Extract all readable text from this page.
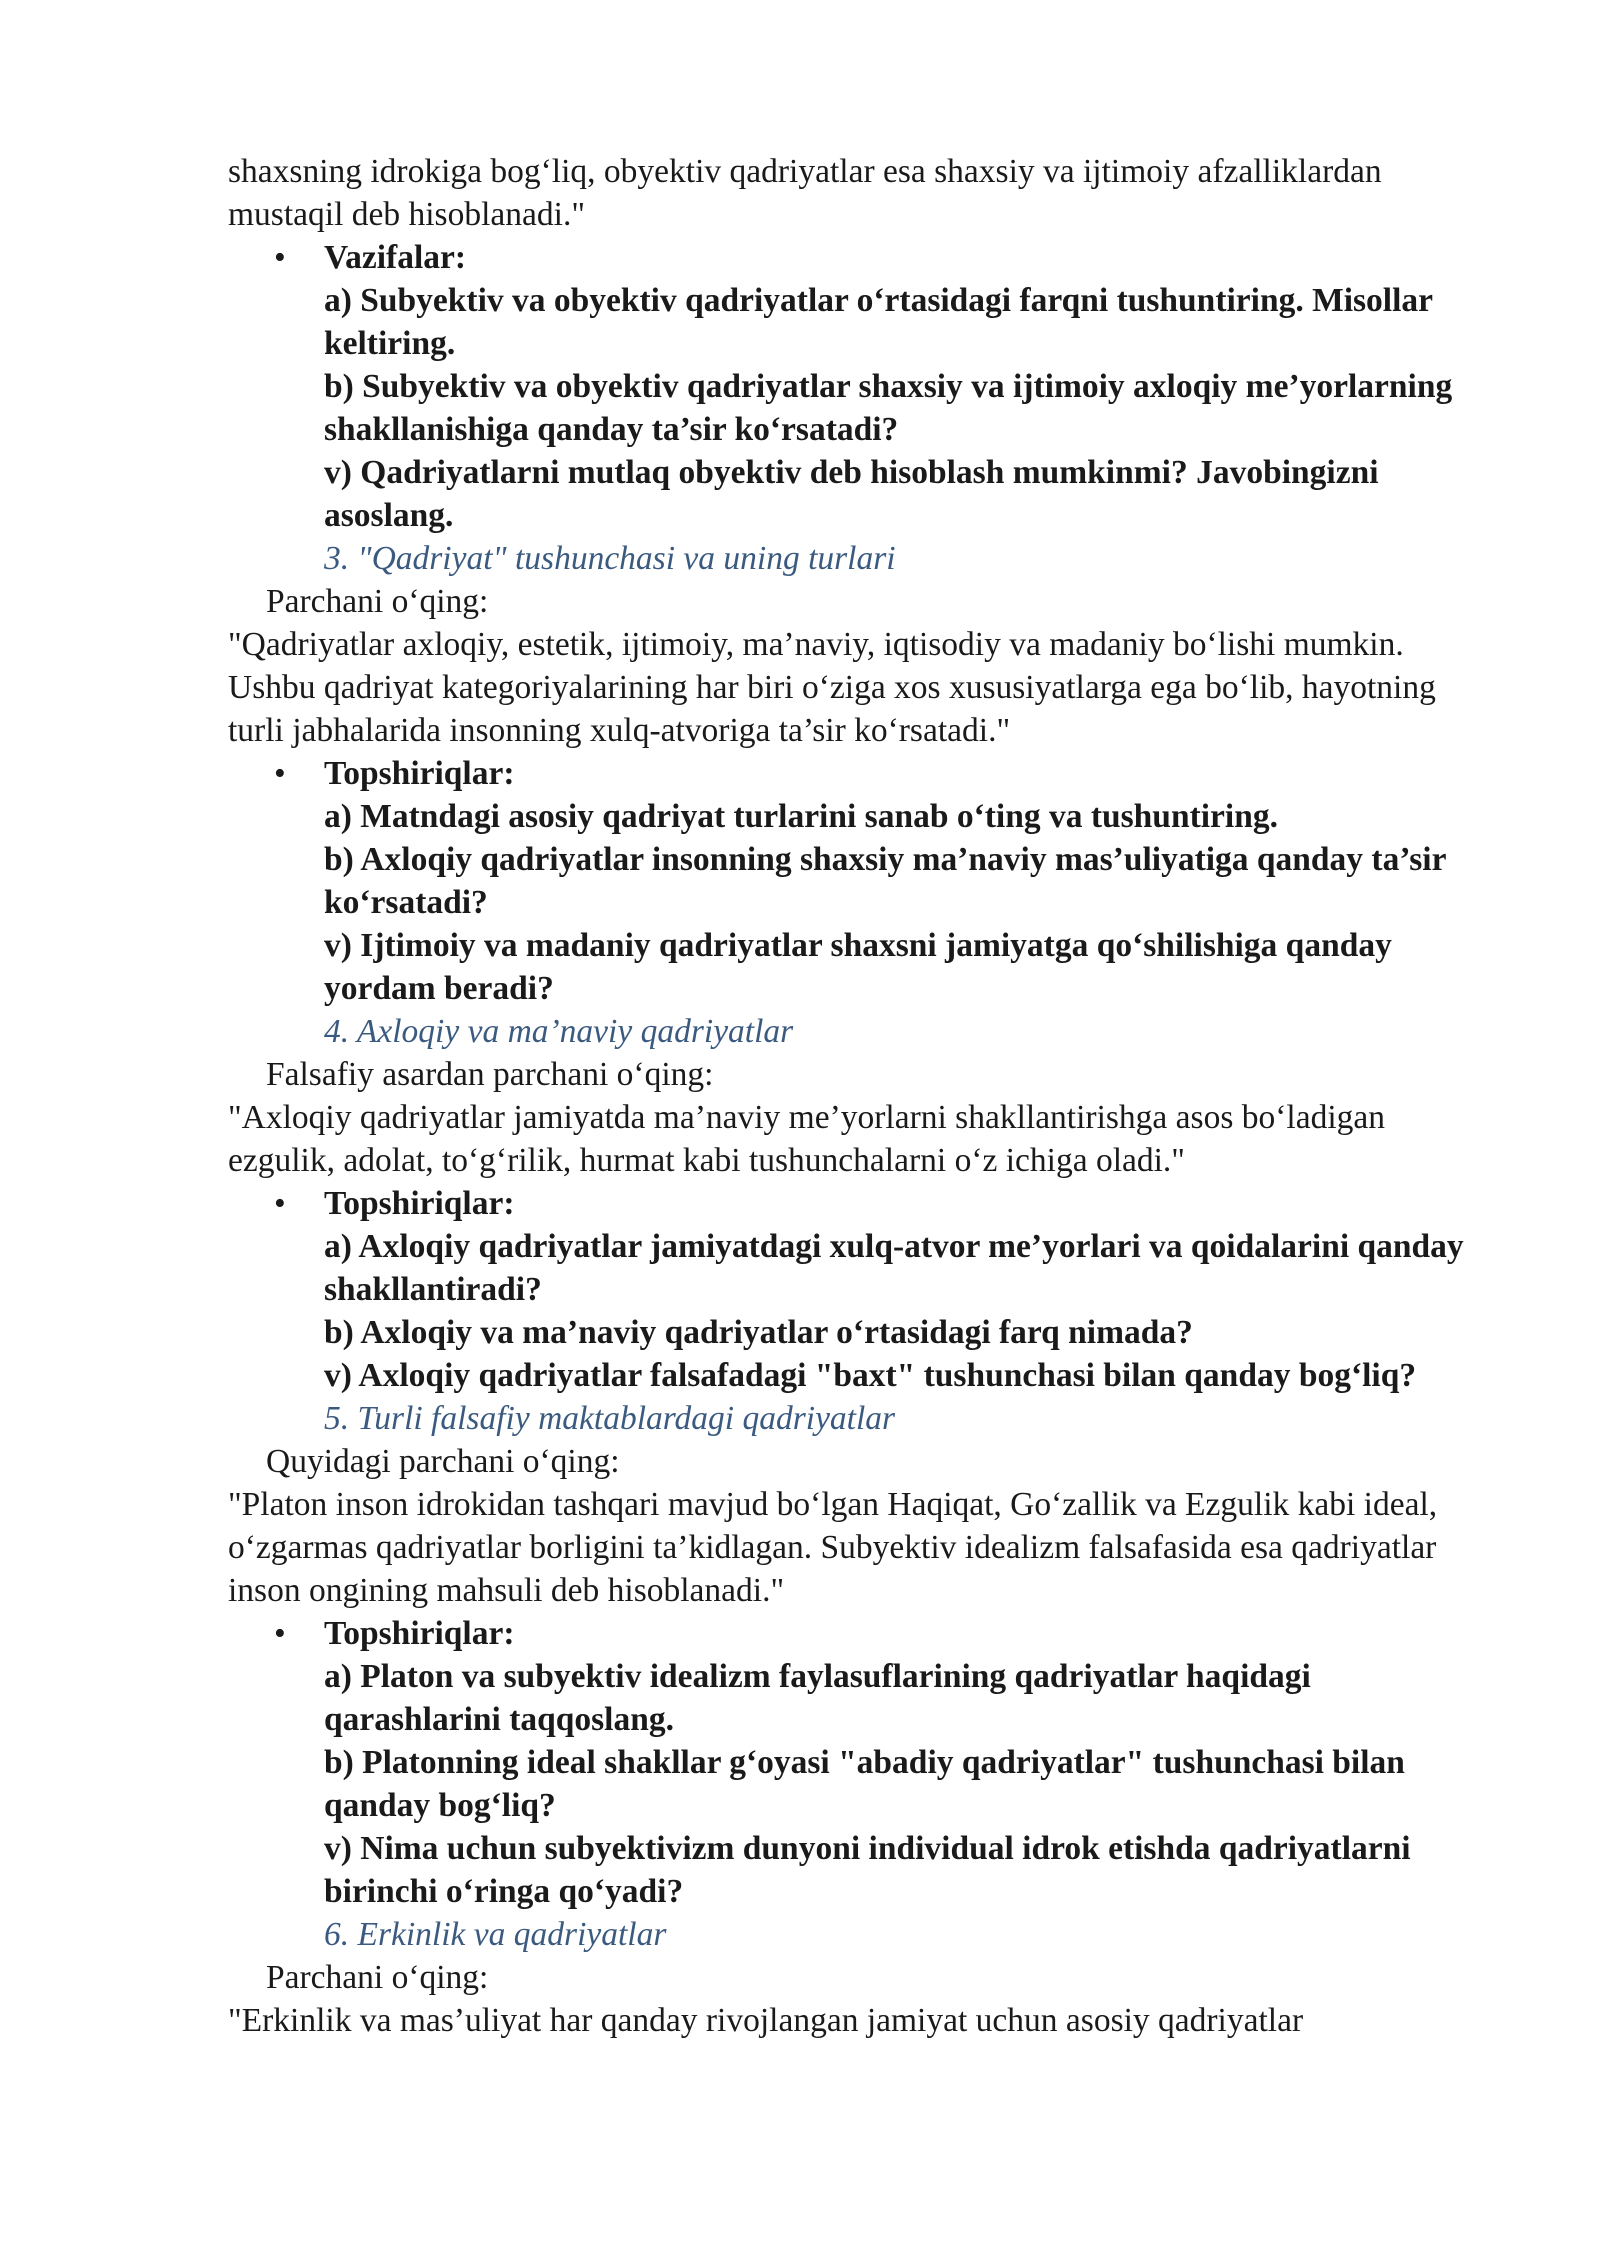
shaxsning idrokiga bog‘liq, obyektiv qadriyatlar esa shaxsiy va ijtimoiy afzalliklardan mustaqil deb hisoblanadi."

• Vazifalar:
a) Subyektiv va obyektiv qadriyatlar o‘rtasidagi farqni tushuntiring. Misollar keltiring.
b) Subyektiv va obyektiv qadriyatlar shaxsiy va ijtimoiy axloqiy me’yorlarning shakllanishiga qanday ta’sir ko‘rsatadi?
v) Qadriyatlarni mutlaq obyektiv deb hisoblash mumkinmi? Javobingizni asoslang.
3. "Qadriyat" tushunchasi va uning turlari
Parchani o‘qing:

"Qadriyatlar axloqiy, estetik, ijtimoiy, ma’naviy, iqtisodiy va madaniy bo‘lishi mumkin. Ushbu qadriyat kategoriyalarining har biri o‘ziga xos xususiyatlarga ega bo‘lib, hayotning turli jabhalarida insonning xulq-atvoriga ta’sir ko‘rsatadi."

• Topshiriqlar:
a) Matndagi asosiy qadriyat turlarini sanab o‘ting va tushuntiring.
b) Axloqiy qadriyatlar insonning shaxsiy ma’naviy mas’uliyatiga qanday ta’sir ko‘rsatadi?
v) Ijtimoiy va madaniy qadriyatlar shaxsni jamiyatga qo‘shilishiga qanday yordam beradi?
4. Axloqiy va ma’naviy qadriyatlar
Falsafiy asardan parchani o‘qing:

"Axloqiy qadriyatlar jamiyatda ma’naviy me’yorlarni shakllantirishga asos bo‘ladigan ezgulik, adolat, to‘g‘rilik, hurmat kabi tushunchalarni o‘z ichiga oladi."

• Topshiriqlar:
a) Axloqiy qadriyatlar jamiyatdagi xulq-atvor me’yorlari va qoidalarini qanday shakllantiradi?
b) Axloqiy va ma’naviy qadriyatlar o‘rtasidagi farq nimada?
v) Axloqiy qadriyatlar falsafadagi "baxt" tushunchasi bilan qanday bog‘liq?
5. Turli falsafiy maktablardagi qadriyatlar
Quyidagi parchani o‘qing:

"Platon inson idrokidan tashqari mavjud bo‘lgan Haqiqat, Go‘zallik va Ezgulik kabi ideal, o‘zgarmas qadriyatlar borligini ta’kidlagan. Subyektiv idealizm falsafasida esa qadriyatlar inson ongining mahsuli deb hisoblanadi."

• Topshiriqlar:
a) Platon va subyektiv idealizm faylasuflarining qadriyatlar haqidagi qarashlarini taqqoslang.
b) Platonning ideal shakllar g‘oyasi "abadiy qadriyatlar" tushunchasi bilan qanday bog‘liq?
v) Nima uchun subyektivizm dunyoni individual idrok etishda qadriyatlarni birinchi o‘ringa qo‘yadi?
6. Erkinlik va qadriyatlar
Parchani o‘qing:

"Erkinlik va mas’uliyat har qanday rivojlangan jamiyat uchun asosiy qadriyatlar
